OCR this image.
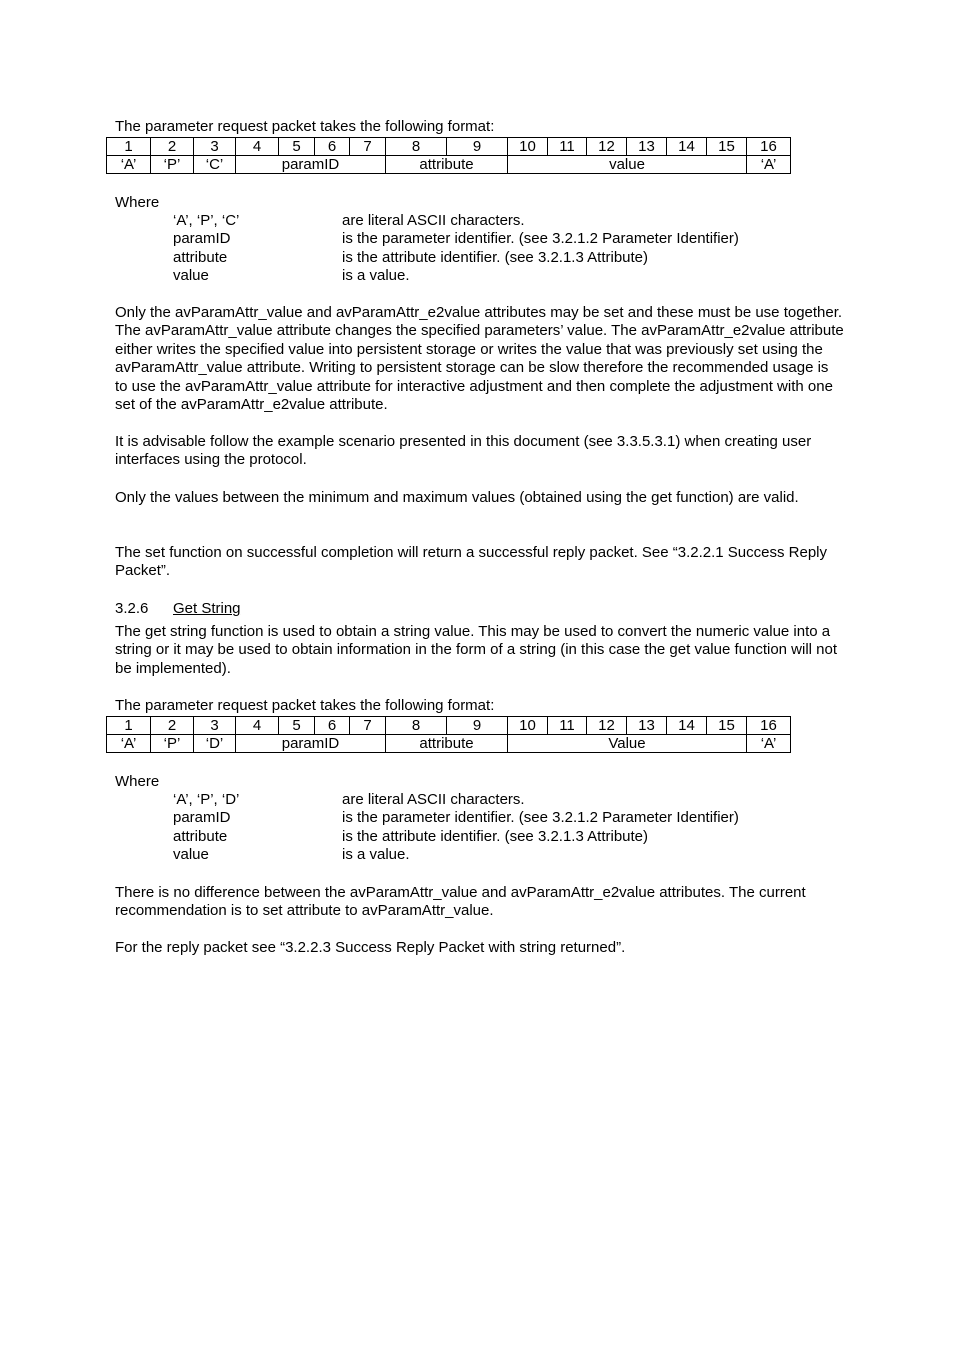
The parameter request packet takes the following format:
1	2	3	4	5	6	7	8	9	10	11	12	13	14	15	16
‘A’	‘P’	‘C’	paramID				attribute		value						‘A’
Where
‘A’, ‘P’, ‘C’	are literal ASCII characters.
paramID	is the parameter identifier. (see 3.2.1.2 Parameter Identifier)
attribute	is the attribute identifier. (see 3.2.1.3 Attribute)
value	is a value.
Only the avParamAttr_value and avParamAttr_e2value attributes may be set and these must be use together. The avParamAttr_value attribute changes the specified parameters’ value. The avParamAttr_e2value attribute either writes the specified value into persistent storage or writes the value that was previously set using the avParamAttr_value attribute. Writing to persistent storage can be slow therefore the recommended usage is to use the avParamAttr_value attribute for interactive adjustment and then complete the adjustment with one set of the avParamAttr_e2value attribute.
It is advisable follow the example scenario presented in this document (see 3.3.5.3.1) when creating user interfaces using the protocol.
Only the values between the minimum and maximum values (obtained using the get function) are valid.
The set function on successful completion will return a successful reply packet. See “3.2.2.1 Success Reply Packet”.
3.2.6 Get String
The get string function is used to obtain a string value. This may be used to convert the numeric value into a string or it may be used to obtain information in the form of a string (in this case the get value function will not be implemented).
The parameter request packet takes the following format:
1	2	3	4	5	6	7	8	9	10	11	12	13	14	15	16
‘A’	‘P’	‘D’	paramID				attribute		Value						‘A’
Where
‘A’, ‘P’, ‘D’	are literal ASCII characters.
paramID	is the parameter identifier. (see 3.2.1.2 Parameter Identifier)
attribute	is the attribute identifier. (see 3.2.1.3 Attribute)
value	is a value.
There is no difference between the avParamAttr_value and avParamAttr_e2value attributes. The current recommendation is to set attribute to avParamAttr_value.
For the reply packet see “3.2.2.3 Success Reply Packet with string returned”.
